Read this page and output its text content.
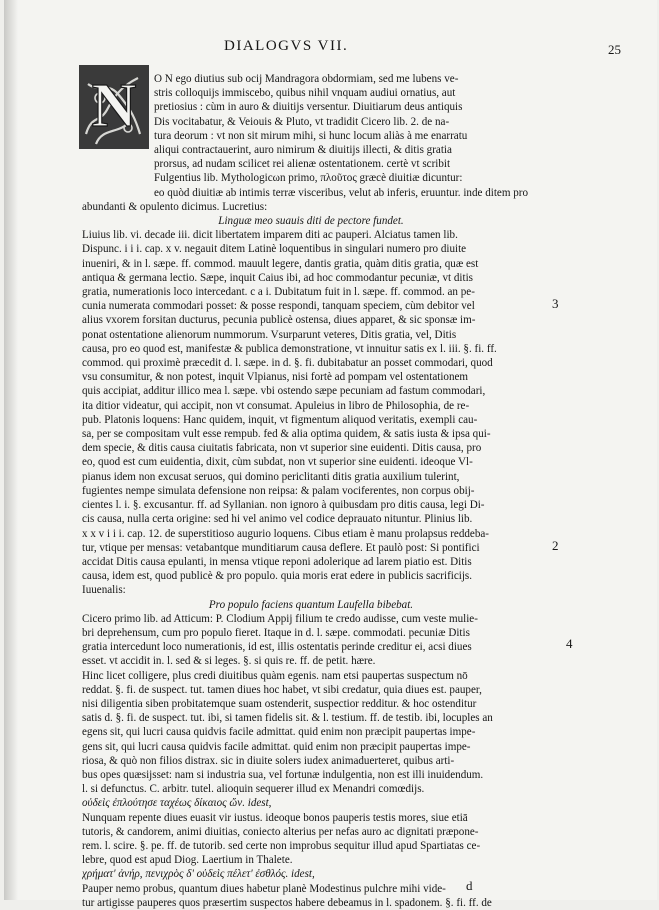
DIALOGVS VII.	25
N	O N ego diutius sub ocij Mandragora obdormiam, sed me lubens ve-
stris colloquijs immiscebo, quibus nihil vnquam audiui ornatius, aut
pretiosius : cùm in auro & diuitijs versentur. Diuitiarum deus antiquis
Dis vocitabatur, & Veiouis & Pluto, vt tradidit Cicero lib. 2. de na-
tura deorum : vt non sit mirum mihi, si hunc locum aliàs à me enarratu
aliqui contractauerint, auro nimirum & diuitijs illecti, & ditis gratia
prorsus, ad nudam scilicet rei alienæ ostentationem. certè vt scribit
Fulgentius lib. Mythologicωn primo, πλοῦτος græcè diuitiæ dicuntur:
eo quòd diuitiæ ab intimis terræ visceribus, velut ab inferis, eruuntur. inde ditem pro
abundanti & opulento dicimus. Lucretius:
Linguæ meo suauis diti de pectore fundet.
Liuius lib. vi. decade iii. dicit libertatem imparem diti ac pauperi. Alciatus tamen lib.
Dispunc. i i i. cap. x v. negauit ditem Latinè loquentibus in singulari numero pro diuite
inueniri, & in l. sæpe. ff. commod. mauult legere, dantis gratia, quàm ditis gratia, quæ est
antiqua & germana lectio. Sæpe, inquit Caius ibi, ad hoc commodantur pecuniæ, vt ditis
gratia, numerationis loco intercedant. c a i. Dubitatum fuit in l. sæpe. ff. commod. an pe-
cunia numerata commodari posset: & posse respondi, tanquam speciem, cùm debitor vel
alius vxorem forsitan ducturus, pecunia publicè ostensa, diues apparet, & sic sponsæ im-
ponat ostentatione alienorum nummorum. Vsurparunt veteres, Ditis gratia, vel, Ditis
causa, pro eo quod est, manifestæ & publica demonstratione, vt innuitur satis ex l. iii. §. fi. ff.
commod. qui proximè præcedit d. l. sæpe. in d. §. fi. dubitabatur an posset commodari, quod
vsu consumitur, & non potest, inquit Vlpianus, nisi fortè ad pompam vel ostentationem
quis accipiat, additur illico mea l. sæpe. vbi ostendo sæpe pecuniam ad fastum commodari,
ita ditior videatur, qui accipit, non vt consumat. Apuleius in libro de Philosophia, de re-
pub. Platonis loquens: Hanc quidem, inquit, vt figmentum aliquod veritatis, exempli cau-
sa, per se compositam vult esse rempub. fed & alia optima quidem, & satis iusta & ipsa qui-
dem specie, & ditis causa ciuitatis fabricata, non vt superior sine euidenti. Ditis causa, pro
eo, quod est cum euidentia, dixit, cùm subdat, non vt superior sine euidenti. ideoque Vl-
pianus idem non excusat seruos, qui domino periclitanti ditis gratia auxilium tulerint,
fugientes nempe simulata defensione non reipsa: & palam vociferentes, non corpus obij-
cientes l. i. §. excusantur. ff. ad Syllanian. non ignoro à quibusdam pro ditis causa, legi Di-
cis causa, nulla certa origine: sed hi vel animo vel codice deprauato nituntur. Plinius lib.
x x v i i i. cap. 12. de superstitioso augurio loquens. Cibus etiam è manu prolapsus reddeba-
tur, vtique per mensas: vetabantque munditiarum causa deflere. Et paulò post: Si pontifici
accidat Ditis causa epulanti, in mensa vtique reponi adolerique ad larem piatio est. Ditis
causa, idem est, quod publicè & pro populo. quia moris erat edere in publicis sacrificijs.
Iuuenalis:
Pro populo faciens quantum Laufella bibebat.
Cicero primo lib. ad Atticum: P. Clodium Appij filium te credo audisse, cum veste mulie-
bri deprehensum, cum pro populo fieret. Itaque in d. l. sæpe. commodati. pecuniæ Ditis
gratia intercedunt loco numerationis, id est, illis ostentatis perinde creditur ei, acsi diues
esset. vt accidit in. l. sed & si leges. §. si quis re. ff. de petit. hære.
Hinc licet colligere, plus credi diuitibus quàm egenis. nam etsi paupertas suspectum nō
reddat. §. fi. de suspect. tut. tamen diues hoc habet, vt sibi credatur, quia diues est. pauper,
nisi diligentia siben probitatemque suam ostenderit, suspectior redditur. & hoc ostenditur
satis d. §. fi. de suspect. tut. ibi, si tamen fidelis sit. & l. testium. ff. de testib. ibi, locuples an
egens sit, qui lucri causa quidvis facile admittat. quid enim non præcipit paupertas impe-
gens sit, qui lucri causa quidvis facile admittat. quid enim non præcipit paupertas impe-
riosa, & quò non filios distrax. sic in diuite solers iudex animaduerteret, quibus arti-
bus opes quæsijsset: nam si industria sua, vel fortunæ indulgentia, non est illi inuidendum.
l. si defunctus. C. arbitr. tutel. alioquin sequerer illud ex Menandri comœdijs.
οὐδεὶς ἐπλούτησε ταχέως δίκαιος ὤν. idest,
Nunquam repente diues euasit vir iustus. ideoque bonos pauperis testis mores, siue etiā
tutoris, & candorem, animi diuitias, coniecto alterius per nefas auro ac dignitati præpone-
rem. l. scire. §. pe. ff. de tutorib. sed certe non improbus sequitur illud apud Spartiatas ce-
lebre, quod est apud Diog. Laertium in Thalete.
χρήματ' ἀνήρ, πενιχρὸς δ' οὐδεὶς πέλετ' ἐσθλός. idest,
Pauper nemo probus, quantum diues habetur planè Modestinus pulchre mihi vide-
tur artigisse pauperes quos præsertim suspectos habere debeamus in l. spadonem. §. fi. ff. de
3
2
4
d
